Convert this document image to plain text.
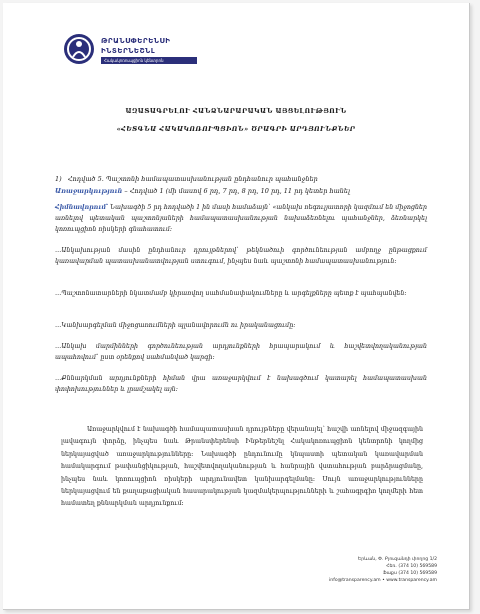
ԹՐԱՆՍՓԵՐԵՆՍԻ
ԻՆՏԵՐՆԵՇՆԼ
Հակակոռուպցիոն կենտրոն
ԱԶԱՏԱԳՐԵԼՈՒ ՀԱՆՁՆԱՐԱՐԱԿԱՆ ԱՅՑԵԼՈՒԹՅՈՒՆ
«ՀԵՏԳՆԱ ՀԱԿԱԿՈՌՈՒՊՑԻՈՆ» ԾՐԱԳՐԻ ԱՐԴՅՈՒՆՔՆԵՐ
1) Հոդված 5. Պաշտոնի համապատասխանության ընդհանուր պահանջներ
Առաջարկություն – Հոդված 1 (մի մասով 6 րդ, 7 րդ, 8 րդ, 10 րդ, 11 րդ կետեր հանել
Հիմնավորում՝ Նախագծի 5 րդ հոդվածի 1 ին մասի համաձայն՝ «անկախ ռեգուլյատորի կազմում են միջոցներ առնելով պետական պաշտոնյաների համապատասխանության նախաձեռնելու պահանջներ, ձեռնարկել կոռուպցիոն ռիսկերի գնահատում։
…Անկախության մասին ընդհանուր դրույթներով՝ թեկնածուի գործունեության ամբողջ ընթացքում կառավարման պատասխանատվության ստուգում, ինչպես նաև պաշտոնի համապատասխանություն։
…Պաշտոնատարների նկատմամբ կիրառվող սահմանափակումները և արգելքները պետք է պահպանվեն։
…Կանխարգելման միջոցառումների պլանավորումն ու իրականացումը։
…Անկախ մարմինների գործունեության արդյունքների հրապարակում և հաշվետվողականության ապահովում՝ ըստ օրենքով սահմանված կարգի։
…Քննարկման արդյունքների հիման վրա առաջարկվում է նախագծում կատարել համապատասխան փոփոխություններ և լրամշակել այն։
Առաջարկվում է նախագծի համապատասխան դրույթները վերանայել՝ հաշվի առնելով միջազգային լավագույն փորձը, ինչպես նաև Թրանսփերենսի Ինթերնեշնլ Հակակոռուպցիոն կենտրոնի կողմից ներկայացված առաջարկությունները։ Նախագծի ընդունումը կնպաստի պետական կառավարման համակարգում թափանցիկության, հաշվետվողականության և հանրային վստահության բարձրացմանը, ինչպես նաև կոռուպցիոն ռիսկերի արդյունավետ կանխարգելմանը։ Սույն առաջարկությունները ներկայացվում են քաղաքացիական հասարակության կազմակերպությունների և շահագրգիռ կողմերի հետ համատեղ քննարկման արդյունքում։
Երևան, Փ. Բյուզանդի փողոց 1/2
Հեռ. (374 10) 569589
Ֆաքս (374 10) 569589
info@transparency.am • www.transparency.am
